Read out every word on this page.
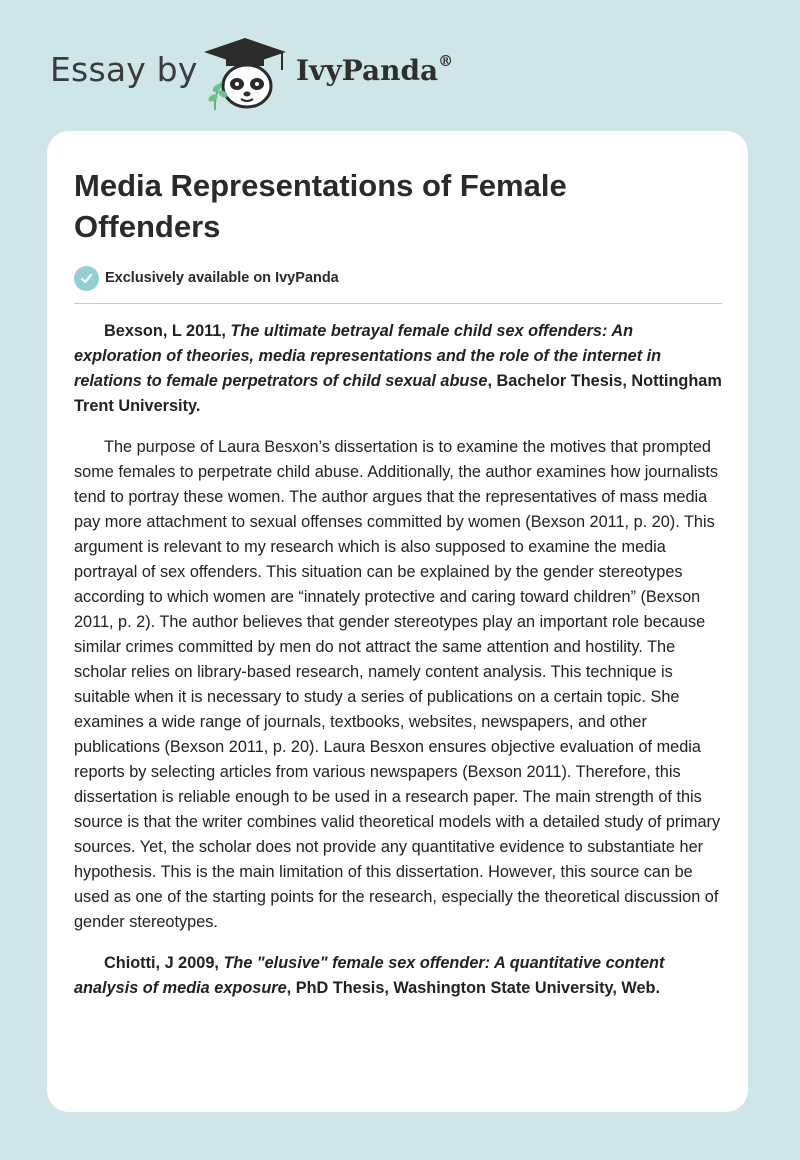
Essay by	IvyPanda®
Media Representations of Female Offenders
Exclusively available on IvyPanda

Bexson, L 2011, The ultimate betrayal female child sex offenders: An exploration of theories, media representations and the role of the internet in relations to female perpetrators of child sexual abuse, Bachelor Thesis, Nottingham Trent University.

The purpose of Laura Besxon’s dissertation is to examine the motives that prompted some females to perpetrate child abuse. Additionally, the author examines how journalists tend to portray these women. The author argues that the representatives of mass media pay more attachment to sexual offenses committed by women (Bexson 2011, p. 20). This argument is relevant to my research which is also supposed to examine the media portrayal of sex offenders. This situation can be explained by the gender stereotypes according to which women are “innately protective and caring toward children” (Bexson 2011, p. 2). The author believes that gender stereotypes play an important role because similar crimes committed by men do not attract the same attention and hostility. The scholar relies on library-based research, namely content analysis. This technique is suitable when it is necessary to study a series of publications on a certain topic. She examines a wide range of journals, textbooks, websites, newspapers, and other publications (Bexson 2011, p. 20). Laura Besxon ensures objective evaluation of media reports by selecting articles from various newspapers (Bexson 2011). Therefore, this dissertation is reliable enough to be used in a research paper. The main strength of this source is that the writer combines valid theoretical models with a detailed study of primary sources. Yet, the scholar does not provide any quantitative evidence to substantiate her hypothesis. This is the main limitation of this dissertation. However, this source can be used as one of the starting points for the research, especially the theoretical discussion of gender stereotypes.

Chiotti, J 2009, The "elusive" female sex offender: A quantitative content analysis of media exposure, PhD Thesis, Washington State University, Web.
